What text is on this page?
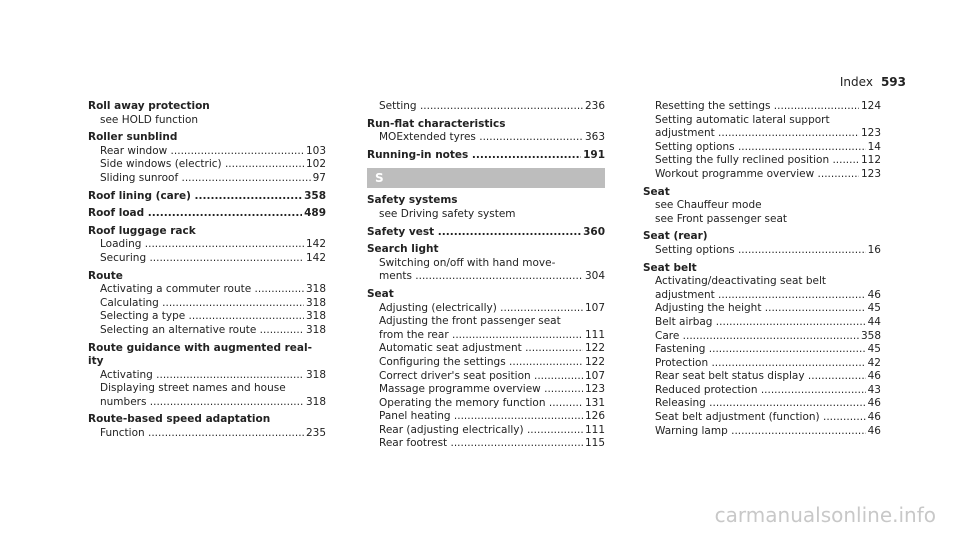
Index 593
Roll away protection
see HOLD function
Roller sunblind
Rear window .....	103
Side windows (electric) .....	102
Sliding sunroof .....	97
Roof lining (care) .....	358
Roof load .....	489
Roof luggage rack
Loading .....	142
Securing .....	142
Route
Activating a commuter route .....	318
Calculating .....	318
Selecting a type .....	318
Selecting an alternative route .....	318
Route guidance with augmented real-
ity
Activating .....	318
Displaying street names and house
numbers .....	318
Route-based speed adaptation
Function .....	235
Setting .....	236
Run-flat characteristics
MOExtended tyres .....	363
Running-in notes .....	191
S
Safety systems
see Driving safety system
Safety vest .....	360
Search light
Switching on/off with hand move-
ments .....	304
Seat
Adjusting (electrically) .....	107
Adjusting the front passenger seat
from the rear .....	111
Automatic seat adjustment .....	122
Configuring the settings .....	122
Correct driver's seat position .....	107
Massage programme overview .....	123
Operating the memory function .....	131
Panel heating .....	126
Rear (adjusting electrically) .....	111
Rear footrest .....	115
Resetting the settings .....	124
Setting automatic lateral support
adjustment .....	123
Setting options .....	14
Setting the fully reclined position .....	112
Workout programme overview .....	123
Seat
see Chauffeur mode
see Front passenger seat
Seat (rear)
Setting options .....	16
Seat belt
Activating/deactivating seat belt
adjustment .....	46
Adjusting the height .....	45
Belt airbag .....	44
Care .....	358
Fastening .....	45
Protection .....	42
Rear seat belt status display .....	46
Reduced protection .....	43
Releasing .....	46
Seat belt adjustment (function) .....	46
Warning lamp .....	46
carmanualsonline.info
